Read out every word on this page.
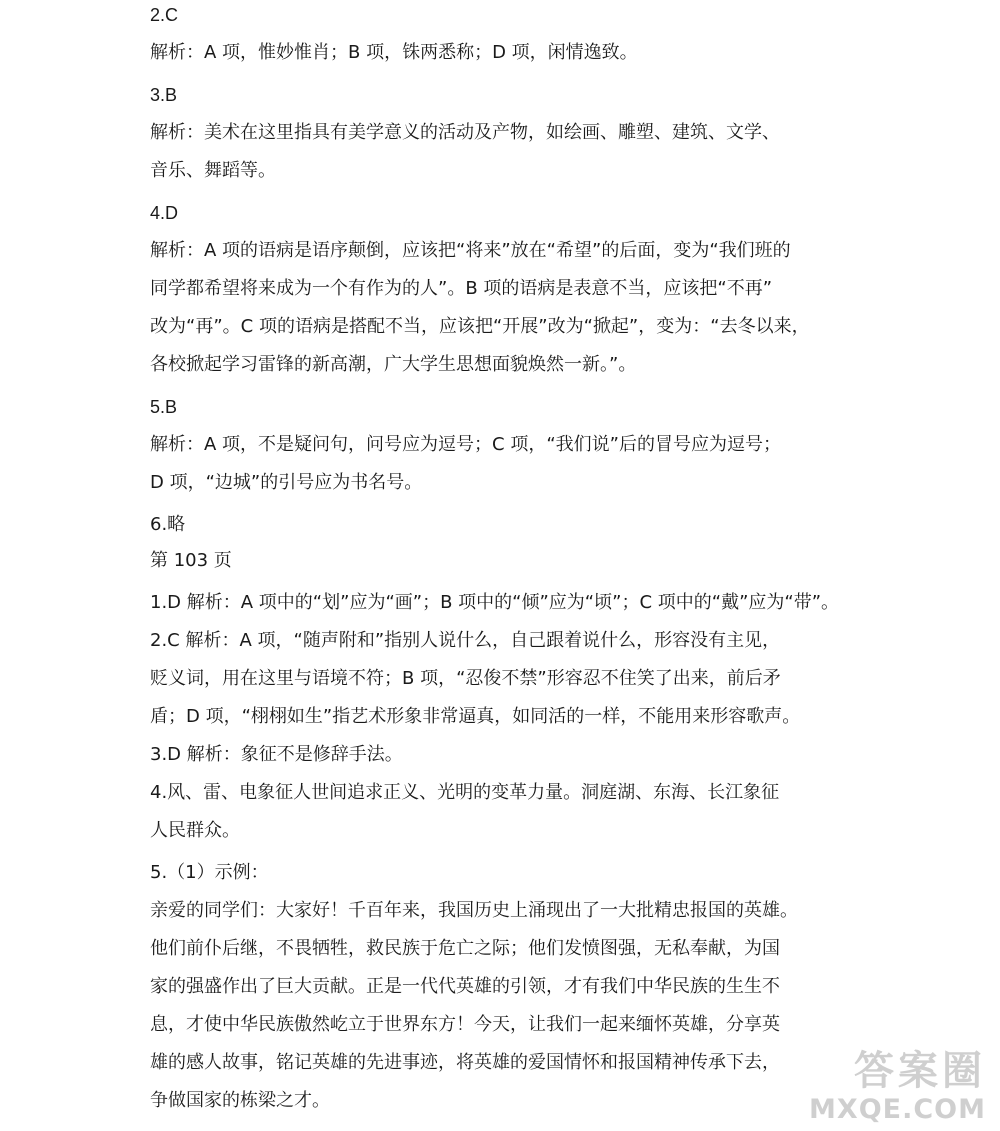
2.C
解析：A 项，惟妙惟肖；B 项，铢两悉称；D 项，闲情逸致。
3.B
解析：美术在这里指具有美学意义的活动及产物，如绘画、雕塑、建筑、文学、
音乐、舞蹈等。
4.D
解析：A 项的语病是语序颠倒，应该把“将来”放在“希望”的后面，变为“我们班的
同学都希望将来成为一个有作为的人”。B 项的语病是表意不当，应该把“不再”
改为“再”。C 项的语病是搭配不当，应该把“开展”改为“掀起”，变为：“去冬以来，
各校掀起学习雷锋的新高潮，广大学生思想面貌焕然一新。”。
5.B
解析：A 项，不是疑问句，问号应为逗号；C 项，“我们说”后的冒号应为逗号；
D 项，“边城”的引号应为书名号。
6.略
第 103 页
1.D 解析：A 项中的“划”应为“画”；B 项中的“倾”应为“顷”；C 项中的“戴”应为“带”。
2.C 解析：A 项，“随声附和”指别人说什么，自己跟着说什么，形容没有主见，
贬义词，用在这里与语境不符；B 项，“忍俊不禁”形容忍不住笑了出来，前后矛
盾；D 项，“栩栩如生”指艺术形象非常逼真，如同活的一样，不能用来形容歌声。
3.D 解析：象征不是修辞手法。
4.风、雷、电象征人世间追求正义、光明的变革力量。洞庭湖、东海、长江象征
人民群众。
5.（1）示例：
亲爱的同学们：大家好！千百年来，我国历史上涌现出了一大批精忠报国的英雄。
他们前仆后继，不畏牺牲，救民族于危亡之际；他们发愤图强，无私奉献，为国
家的强盛作出了巨大贡献。正是一代代英雄的引领，才有我们中华民族的生生不
息，才使中华民族傲然屹立于世界东方！今天，让我们一起来缅怀英雄，分享英
雄的感人故事，铭记英雄的先进事迹，将英雄的爱国情怀和报国精神传承下去，
争做国家的栋梁之才。
答案圈
MXQE.COM
